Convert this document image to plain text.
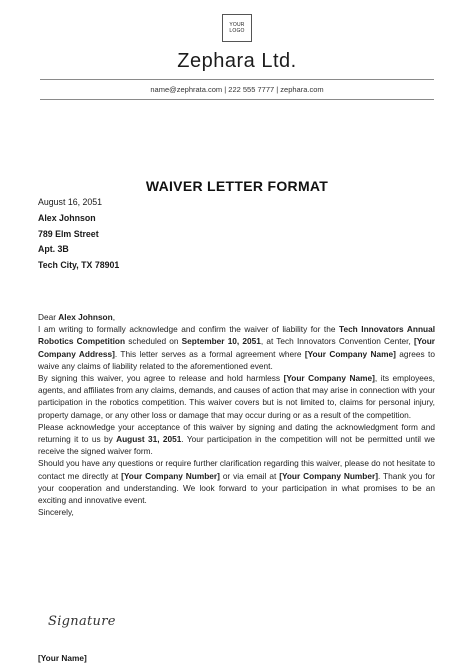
YOUR
LOGO
Zephara Ltd.
name@zephrata.com | 222 555 7777 | zephara.com
WAIVER LETTER FORMAT
August 16, 2051
Alex Johnson
789 Elm Street
Apt. 3B
Tech City, TX 78901

Dear Alex Johnson,

I am writing to formally acknowledge and confirm the waiver of liability for the Tech Innovators Annual Robotics Competition scheduled on September 10, 2051, at Tech Innovators Convention Center, [Your Company Address]. This letter serves as a formal agreement where [Your Company Name] agrees to waive any claims of liability related to the aforementioned event.

By signing this waiver, you agree to release and hold harmless [Your Company Name], its employees, agents, and affiliates from any claims, demands, and causes of action that may arise in connection with your participation in the robotics competition. This waiver covers but is not limited to, claims for personal injury, property damage, or any other loss or damage that may occur during or as a result of the competition.

Please acknowledge your acceptance of this waiver by signing and dating the acknowledgment form and returning it to us by August 31, 2051. Your participation in the competition will not be permitted until we receive the signed waiver form.

Should you have any questions or require further clarification regarding this waiver, please do not hesitate to contact me directly at [Your Company Number] or via email at [Your Company Number]. Thank you for your cooperation and understanding. We look forward to your participation in what promises to be an exciting and innovative event.

Sincerely,

Signature
[Your Name]
